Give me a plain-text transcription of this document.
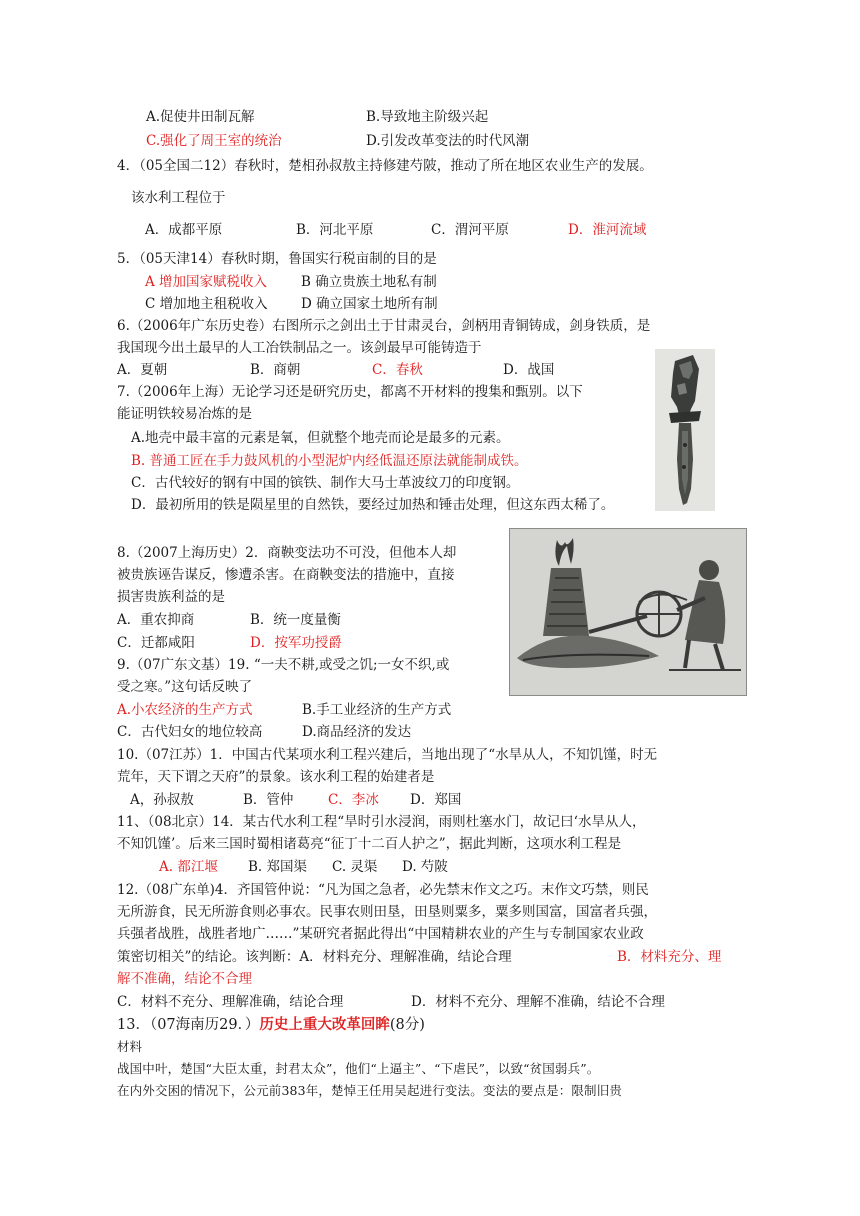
A.促使井田制瓦解	B.导致地主阶级兴起
C.强化了周王室的统治	D.引发改革变法的时代风潮
4．（05全国二12）春秋时，楚相孙叔敖主持修建芍陂，推动了所在地区农业生产的发展。
该水利工程位于
A．成都平原	B．河北平原	C．渭河平原	D．淮河流域
5．（05天津14）春秋时期，鲁国实行税亩制的目的是
A 增加国家赋税收入	B 确立贵族土地私有制
C 增加地主租税收入 D 确立国家土地所有制
6.（2006年广东历史卷）右图所示之剑出土于甘肃灵台，剑柄用青铜铸成，剑身铁质，是
我国现今出土最早的人工冶铁制品之一。该剑最早可能铸造于
A．夏朝	B．商朝	C．春秋	D．战国
7.（2006年上海）无论学习还是研究历史，都离不开材料的搜集和甄别。以下
能证明铁较易冶炼的是
A.地壳中最丰富的元素是氧，但就整个地壳而论是最多的元素。
B. 普通工匠在手力鼓风机的小型泥炉内经低温还原法就能制成铁。
C．古代较好的钢有中国的镔铁、制作大马士革波纹刀的印度钢。
D．最初所用的铁是陨星里的自然铁，要经过加热和锤击处理，但这东西太稀了。
8.（2007上海历史）2．商鞅变法功不可没，但他本人却
被贵族诬告谋反，惨遭杀害。在商鞅变法的措施中，直接
损害贵族利益的是
A．重农抑商	B．统一度量衡
C．迁都咸阳	D．按军功授爵
9.（07广东文基）19. “一夫不耕,或受之饥;一女不织,或
受之寒。”这句话反映了
A.小农经济的生产方式	B.手工业经济的生产方式
C．古代妇女的地位较高	D.商品经济的发达
10.（07江苏）1．中国古代某项水利工程兴建后，当地出现了“水旱从人，不知饥馑，时无
荒年，天下谓之天府”的景象。该水利工程的始建者是
A，孙叔敖	B．管仲	C．李冰 D．郑国
11、（08北京）14．某古代水利工程“旱时引水浸润，雨则杜塞水门，故记曰‘水旱从人，
不知饥馑’。后来三国时蜀相诸葛亮“征丁十二百人护之”，据此判断，这项水利工程是
A. 都江堰 B. 郑国渠 C. 灵渠 D. 芍陂
12.（08广东单)4．齐国管仲说：“凡为国之急者，必先禁末作文之巧。末作文巧禁，则民
无所游食，民无所游食则必事农。民事农则田垦，田垦则粟多，粟多则国富，国富者兵强，
兵强者战胜，战胜者地广……”某研究者据此得出“中国精耕农业的产生与专制国家农业政
策密切相关”的结论。该判断：A．材料充分、理解准确，结论合理	B．材料充分、理
解不准确，结论不合理
C．材料不充分、理解准确，结论合理	D．材料不充分、理解不准确，结论不合理
13．（07海南历29．）历史上重大改革回眸(8分)
材料
战国中叶，楚国“大臣太重，封君太众”，他们“上逼主”、“下虐民”，以致“贫国弱兵”。
在内外交困的情况下，公元前383年，楚悼王任用吴起进行变法。变法的要点是：限制旧贵
